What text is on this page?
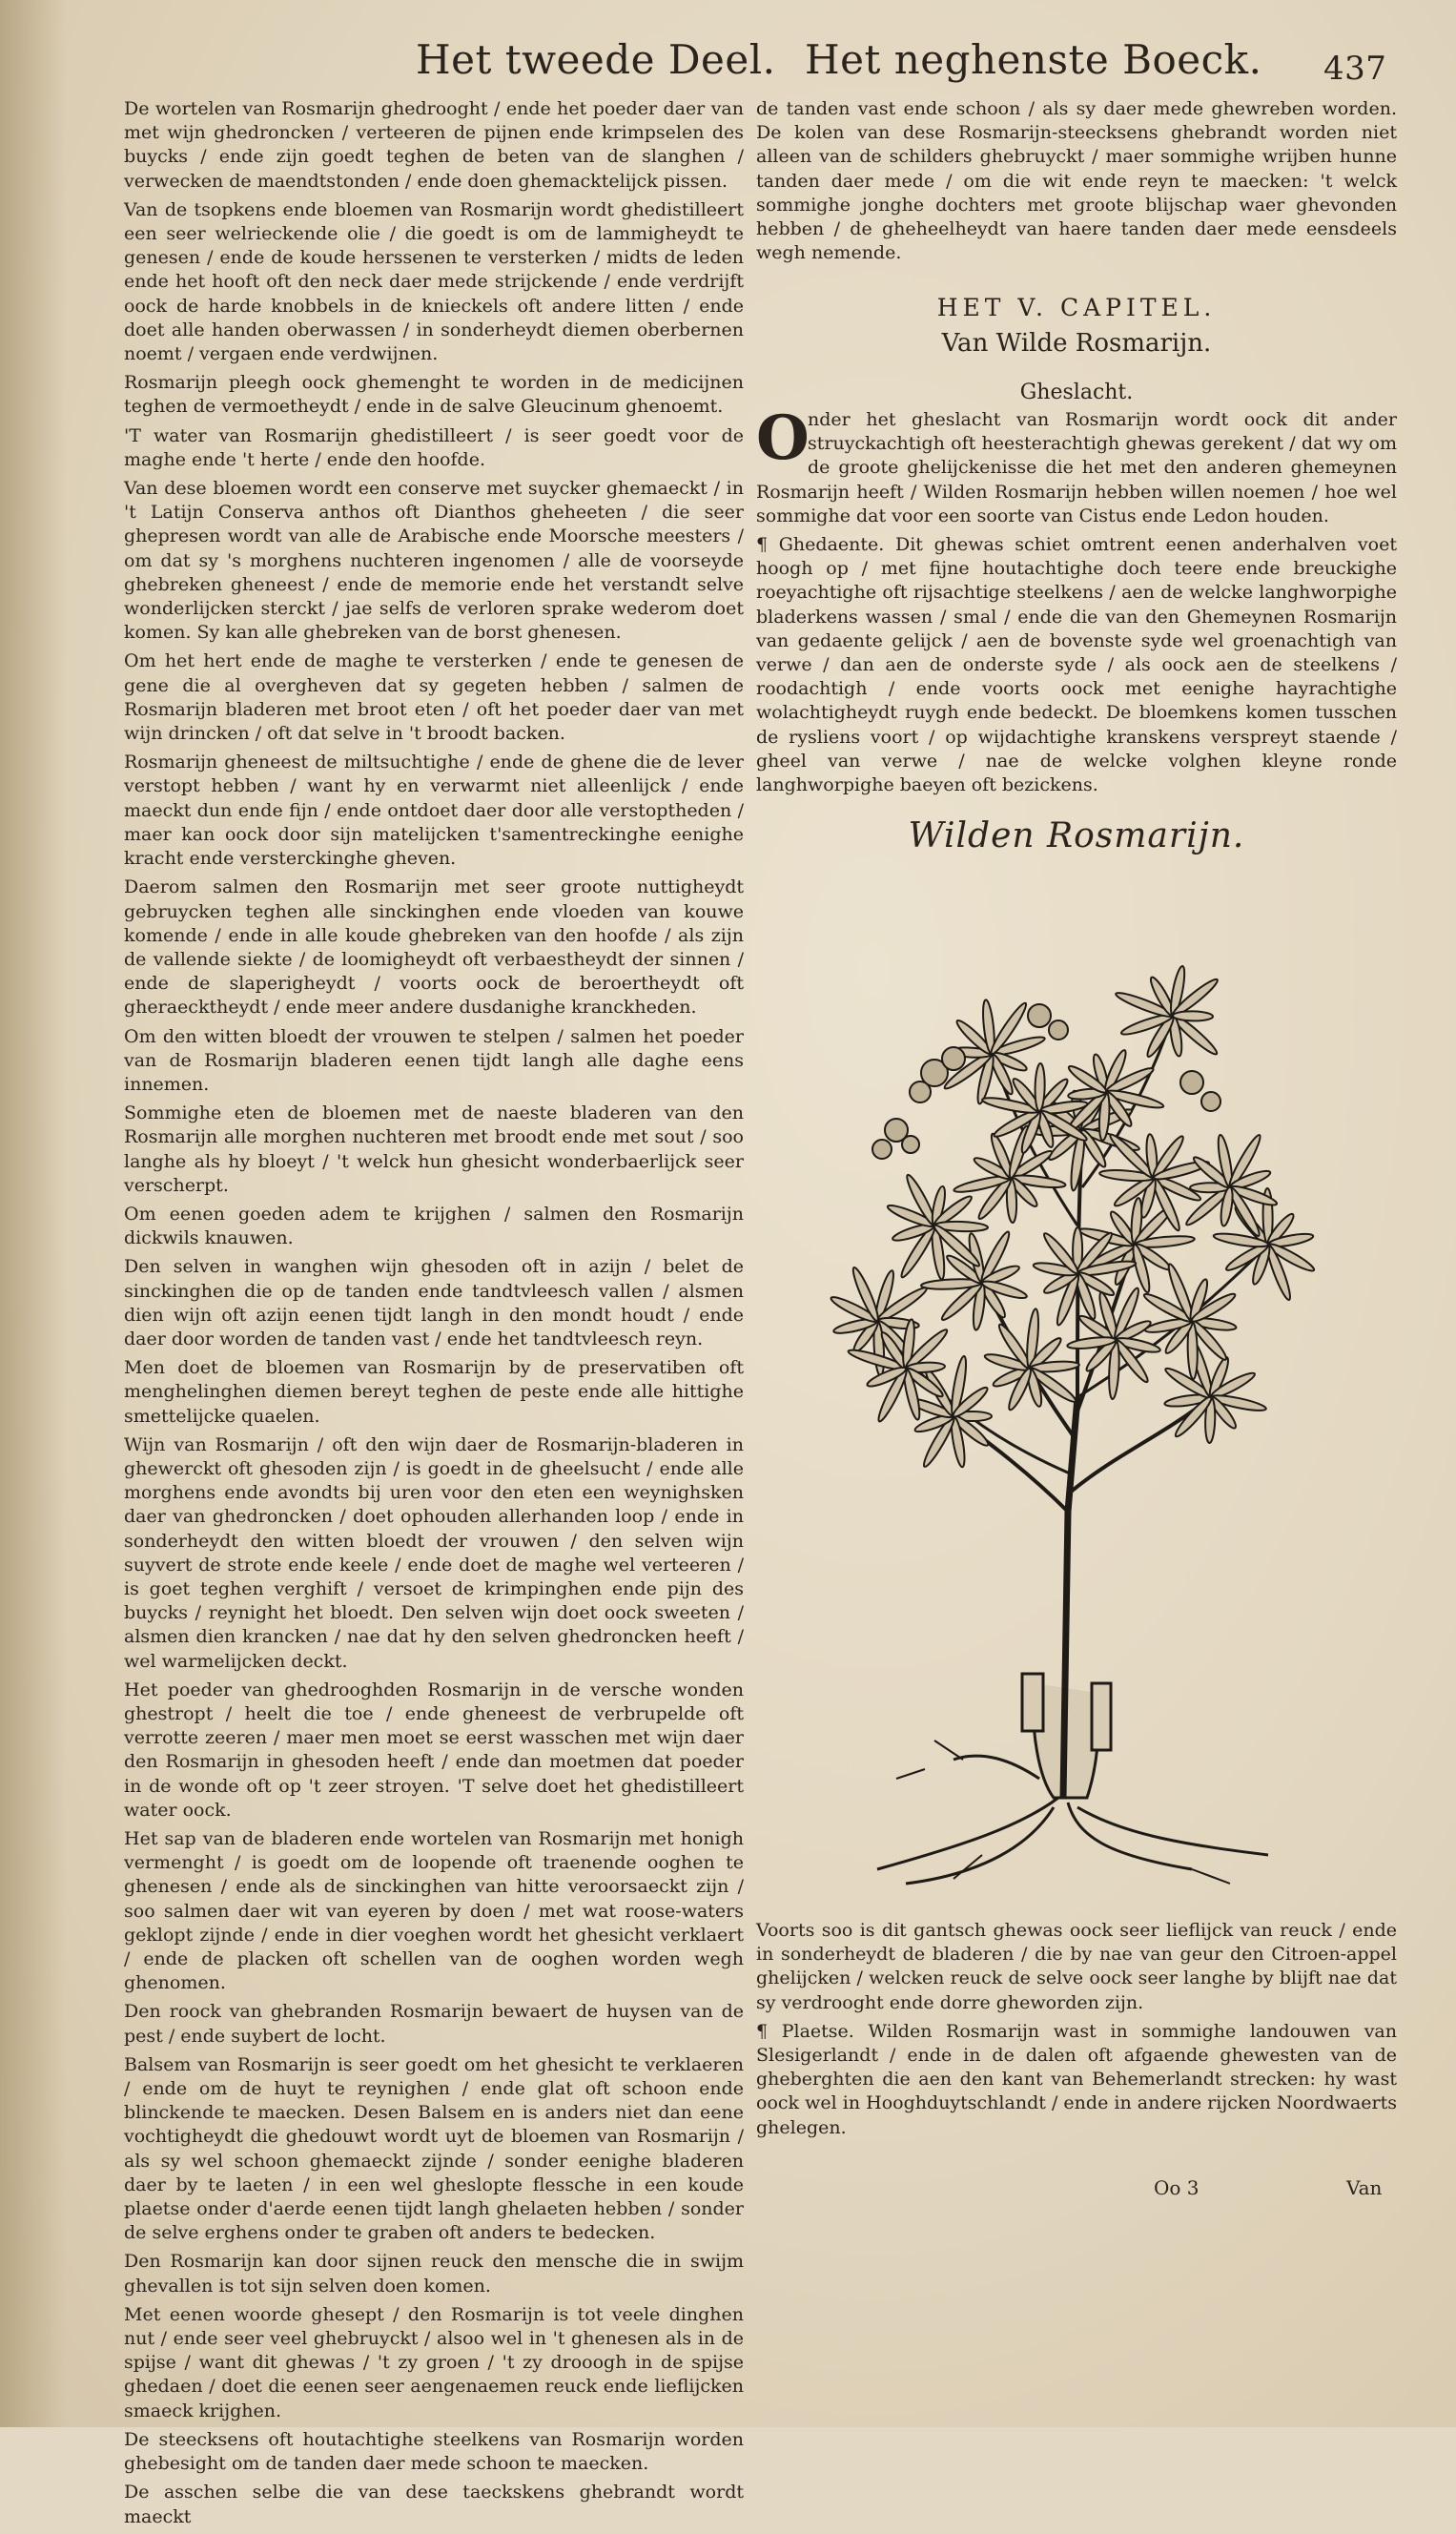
Het tweede Deel. Het neghenste Boeck. 437

De wortelen van Rosmarijn ghedrooght / ende het poeder daer van met wijn ghedroncken / verteeren de pijnen ende krimpselen des buycks / ende zijn goedt teghen de beten van de slanghen / verwecken de maendtstonden / ende doen ghemacktelijck pissen.

Van de tsopkens ende bloemen van Rosmarijn wordt ghedistilleert een seer welrieckende olie / die goedt is om de lammigheydt te genesen / ende de koude herssenen te versterken / midts de leden ende het hooft oft den neck daer mede strijckende / ende verdrijft oock de harde knobbels in de knieckels oft andere litten / ende doet alle handen oberwassen / in sonderheydt diemen oberbernen noemt / vergaen ende verdwijnen.

Rosmarijn pleegh oock ghemenght te worden in de medicijnen teghen de vermoetheydt / ende in de salve Gleucinum ghenoemt.

'T water van Rosmarijn ghedistilleert / is seer goedt voor de maghe ende 't herte / ende den hoofde.

Van dese bloemen wordt een conserve met suycker ghemaeckt / in 't Latijn Conserva anthos oft Dianthos gheheeten / die seer ghepresen wordt van alle de Arabische ende Moorsche meesters / om dat sy 's morghens nuchteren ingenomen / alle de voorseyde ghebreken gheneest / ende de memorie ende het verstandt selve wonderlijcken sterckt / jae selfs de verloren sprake wederom doet komen. Sy kan alle ghebreken van de borst ghenesen.

Om het hert ende de maghe te versterken / ende te genesen de gene die al overgheven dat sy gegeten hebben / salmen de Rosmarijn bladeren met broot eten / oft het poeder daer van met wijn drincken / oft dat selve in 't broodt backen.

Rosmarijn gheneest de miltsuchtighe / ende de ghene die de lever verstopt hebben / want hy en verwarmt niet alleenlijck / ende maeckt dun ende fijn / ende ontdoet daer door alle verstoptheden / maer kan oock door sijn matelijcken t'samentreckinghe eenighe kracht ende versterckinghe gheven.

Daerom salmen den Rosmarijn met seer groote nuttigheydt gebruycken teghen alle sinckinghen ende vloeden van kouwe komende / ende in alle koude ghebreken van den hoofde / als zijn de vallende siekte / de loomigheydt oft verbaestheydt der sinnen / ende de slaperigheydt / voorts oock de beroertheydt oft gheraecktheydt / ende meer andere dusdanighe kranckheden.

Om den witten bloedt der vrouwen te stelpen / salmen het poeder van de Rosmarijn bladeren eenen tijdt langh alle daghe eens innemen.

Sommighe eten de bloemen met de naeste bladeren van den Rosmarijn alle morghen nuchteren met broodt ende met sout / soo langhe als hy bloeyt / 't welck hun ghesicht wonderbaerlijck seer verscherpt.

Om eenen goeden adem te krijghen / salmen den Rosmarijn dickwils knauwen.

Den selven in wanghen wijn ghesoden oft in azijn / belet de sinckinghen die op de tanden ende tandtvleesch vallen / alsmen dien wijn oft azijn eenen tijdt langh in den mondt houdt / ende daer door worden de tanden vast / ende het tandtvleesch reyn.

Men doet de bloemen van Rosmarijn by de preservatiben oft menghelinghen diemen bereyt teghen de peste ende alle hittighe smettelijcke quaelen.

Wijn van Rosmarijn / oft den wijn daer de Rosmarijn-bladeren in ghewerckt oft ghesoden zijn / is goedt in de gheelsucht / ende alle morghens ende avondts bij uren voor den eten een weynighsken daer van ghedroncken / doet ophouden allerhanden loop / ende in sonderheydt den witten bloedt der vrouwen / den selven wijn suyvert de strote ende keele / ende doet de maghe wel verteeren / is goet teghen verghift / versoet de krimpinghen ende pijn des buycks / reynight het bloedt. Den selven wijn doet oock sweeten / alsmen dien krancken / nae dat hy den selven ghedroncken heeft / wel warmelijcken deckt.

Het poeder van ghedrooghden Rosmarijn in de versche wonden ghestropt / heelt die toe / ende gheneest de verbrupelde oft verrotte zeeren / maer men moet se eerst wasschen met wijn daer den Rosmarijn in ghesoden heeft / ende dan moetmen dat poeder in de wonde oft op 't zeer stroyen. 'T selve doet het ghedistilleert water oock.

Het sap van de bladeren ende wortelen van Rosmarijn met honigh vermenght / is goedt om de loopende oft traenende ooghen te ghenesen / ende als de sinckinghen van hitte veroorsaeckt zijn / soo salmen daer wit van eyeren by doen / met wat roose-waters geklopt zijnde / ende in dier voeghen wordt het ghesicht verklaert / ende de placken oft schellen van de ooghen worden wegh ghenomen.

Den roock van ghebranden Rosmarijn bewaert de huysen van de pest / ende suybert de locht.

Balsem van Rosmarijn is seer goedt om het ghesicht te verklaeren / ende om de huyt te reynighen / ende glat oft schoon ende blinckende te maecken. Desen Balsem en is anders niet dan eene vochtigheydt die ghedouwt wordt uyt de bloemen van Rosmarijn / als sy wel schoon ghemaeckt zijnde / sonder eenighe bladeren daer by te laeten / in een wel gheslopte flessche in een koude plaetse onder d'aerde eenen tijdt langh ghelaeten hebben / sonder de selve erghens onder te graben oft anders te bedecken.

Den Rosmarijn kan door sijnen reuck den mensche die in swijm ghevallen is tot sijn selven doen komen.

Met eenen woorde ghesept / den Rosmarijn is tot veele dinghen nut / ende seer veel ghebruyckt / alsoo wel in 't ghenesen als in de spijse / want dit ghewas / 't zy groen / 't zy drooogh in de spijse ghedaen / doet die eenen seer aengenaemen reuck ende lieflijcken smaeck krijghen.

De steecksens oft houtachtighe steelkens van Rosmarijn worden ghebesight om de tanden daer mede schoon te maecken.

De asschen selbe die van dese taeckskens ghebrandt wordt maeckt

de tanden vast ende schoon / als sy daer mede ghewreben worden. De kolen van dese Rosmarijn-steecksens ghebrandt worden niet alleen van de schilders ghebruyckt / maer sommighe wrijben hunne tanden daer mede / om die wit ende reyn te maecken: 't welck sommighe jonghe dochters met groote blijschap waer ghevonden hebben / de gheheelheydt van haere tanden daer mede eensdeels wegh nemende.

HET V. CAPITEL.
Van Wilde Rosmarijn.
Gheslacht.

O
nder het gheslacht van Rosmarijn wordt oock dit ander struyckachtigh oft heesterachtigh ghewas gerekent / dat wy om de groote ghelijckenisse die het met den anderen ghemeynen Rosmarijn heeft / Wilden Rosmarijn hebben willen noemen / hoe wel sommighe dat voor een soorte van Cistus ende Ledon houden.

¶ Ghedaente. Dit ghewas schiet omtrent eenen anderhalven voet hoogh op / met fijne houtachtighe doch teere ende breuckighe roeyachtighe oft rijsachtige steelkens / aen de welcke langhworpighe bladerkens wassen / smal / ende die van den Ghemeynen Rosmarijn van gedaente gelijck / aen de bovenste syde wel groenachtigh van verwe / dan aen de onderste syde / als oock aen de steelkens / roodachtigh / ende voorts oock met eenighe hayrachtighe wolachtigheydt ruygh ende bedeckt. De bloemkens komen tusschen de rysliens voort / op wijdachtighe kranskens verspreyt staende / gheel van verwe / nae de welcke volghen kleyne ronde langhworpighe baeyen oft bezickens.

Wilden Rosmarijn.

Voorts soo is dit gantsch ghewas oock seer lieflijck van reuck / ende in sonderheydt de bladeren / die by nae van geur den Citroen-appel ghelijcken / welcken reuck de selve oock seer langhe by blijft nae dat sy verdrooght ende dorre gheworden zijn.

¶ Plaetse. Wilden Rosmarijn wast in sommighe landouwen van Slesigerlandt / ende in de dalen oft afgaende ghewesten van de gheberghten die aen den kant van Behemerlandt strecken: hy wast oock wel in Hooghduytschlandt / ende in andere rijcken Noordwaerts ghelegen.

Oo 3	Van
